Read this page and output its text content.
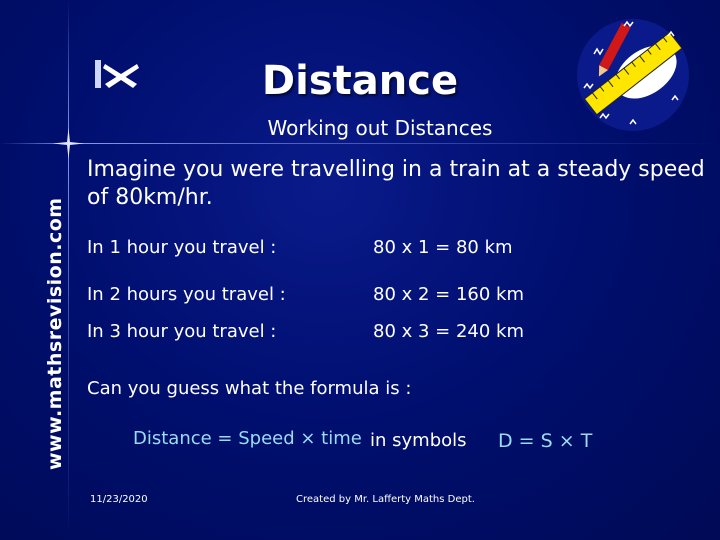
www.mathsrevision.com
Distance
Working out Distances
Imagine you were travelling in a train at a steady speed of 80km/hr.
In 1 hour you travel :	80 x 1 = 80 km
In 2 hours you travel :	80 x 2 = 160 km
In 3 hour you travel :	80 x 3 = 240 km
Can you guess what the formula is :
Distance = Speed × time in symbols D = S × T
11/23/2020	Created by Mr. Lafferty Maths Dept.
